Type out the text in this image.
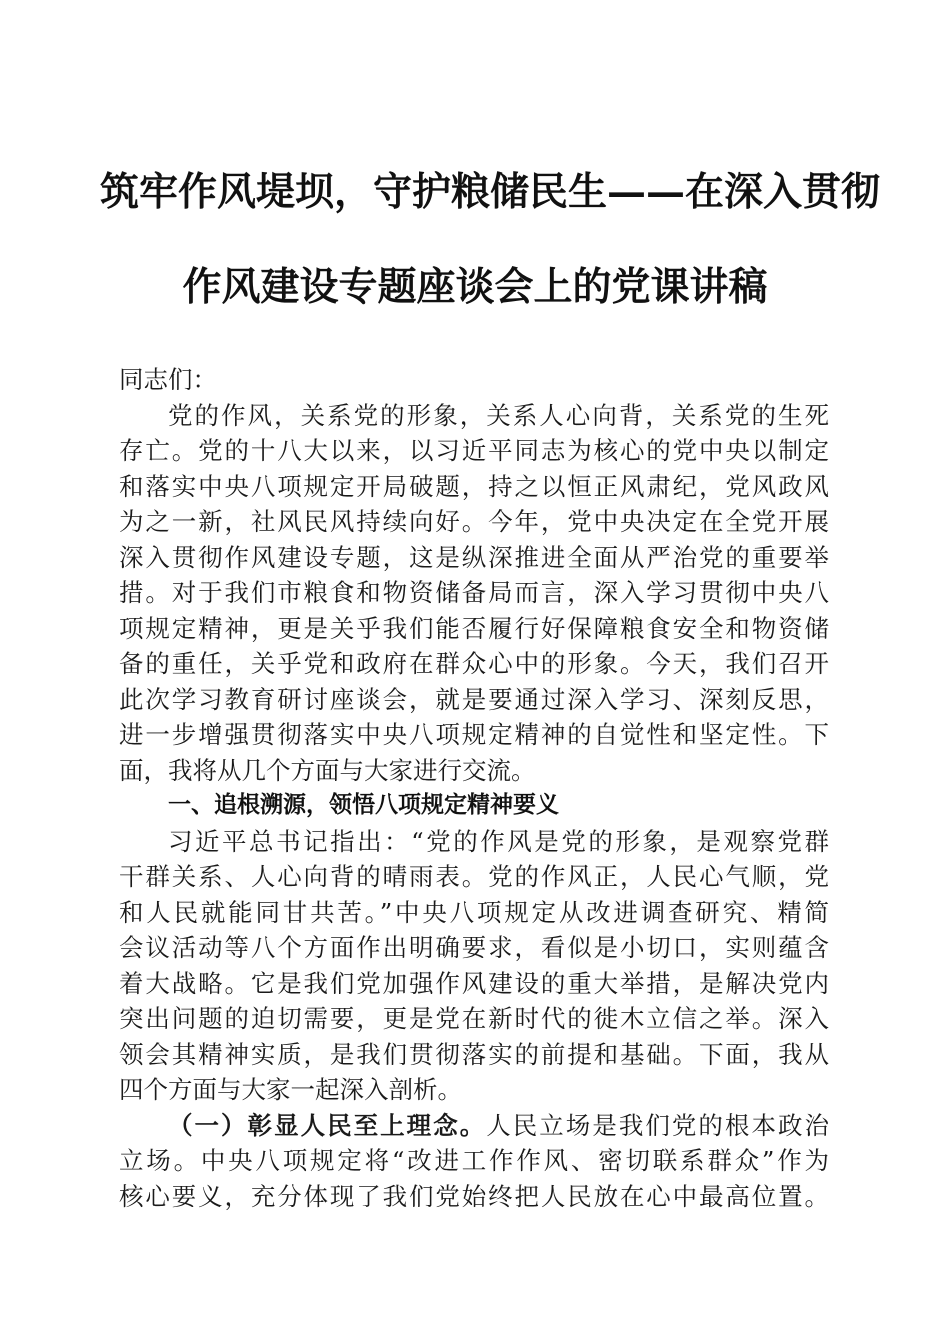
筑牢作风堤坝，守护粮储民生——在深入贯彻
作风建设专题座谈会上的党课讲稿
同志们：
党的作风，关系党的形象，关系人心向背，关系党的生死
存亡。党的十八大以来，以习近平同志为核心的党中央以制定
和落实中央八项规定开局破题，持之以恒正风肃纪，党风政风
为之一新，社风民风持续向好。今年，党中央决定在全党开展
深入贯彻作风建设专题，这是纵深推进全面从严治党的重要举
措。对于我们市粮食和物资储备局而言，深入学习贯彻中央八
项规定精神，更是关乎我们能否履行好保障粮食安全和物资储
备的重任，关乎党和政府在群众心中的形象。今天，我们召开
此次学习教育研讨座谈会，就是要通过深入学习、深刻反思，
进一步增强贯彻落实中央八项规定精神的自觉性和坚定性。下
面，我将从几个方面与大家进行交流。
一、追根溯源，领悟八项规定精神要义
习近平总书记指出：“党的作风是党的形象，是观察党群
干群关系、人心向背的晴雨表。党的作风正，人民心气顺，党
和人民就能同甘共苦。”中央八项规定从改进调查研究、精简
会议活动等八个方面作出明确要求，看似是小切口，实则蕴含
着大战略。它是我们党加强作风建设的重大举措，是解决党内
突出问题的迫切需要，更是党在新时代的徙木立信之举。深入
领会其精神实质，是我们贯彻落实的前提和基础。下面，我从
四个方面与大家一起深入剖析。
（一）彰显人民至上理念。 人民立场是我们党的根本政治
立场。中央八项规定将“改进工作作风、密切联系群众”作为
核心要义，充分体现了我们党始终把人民放在心中最高位置。
